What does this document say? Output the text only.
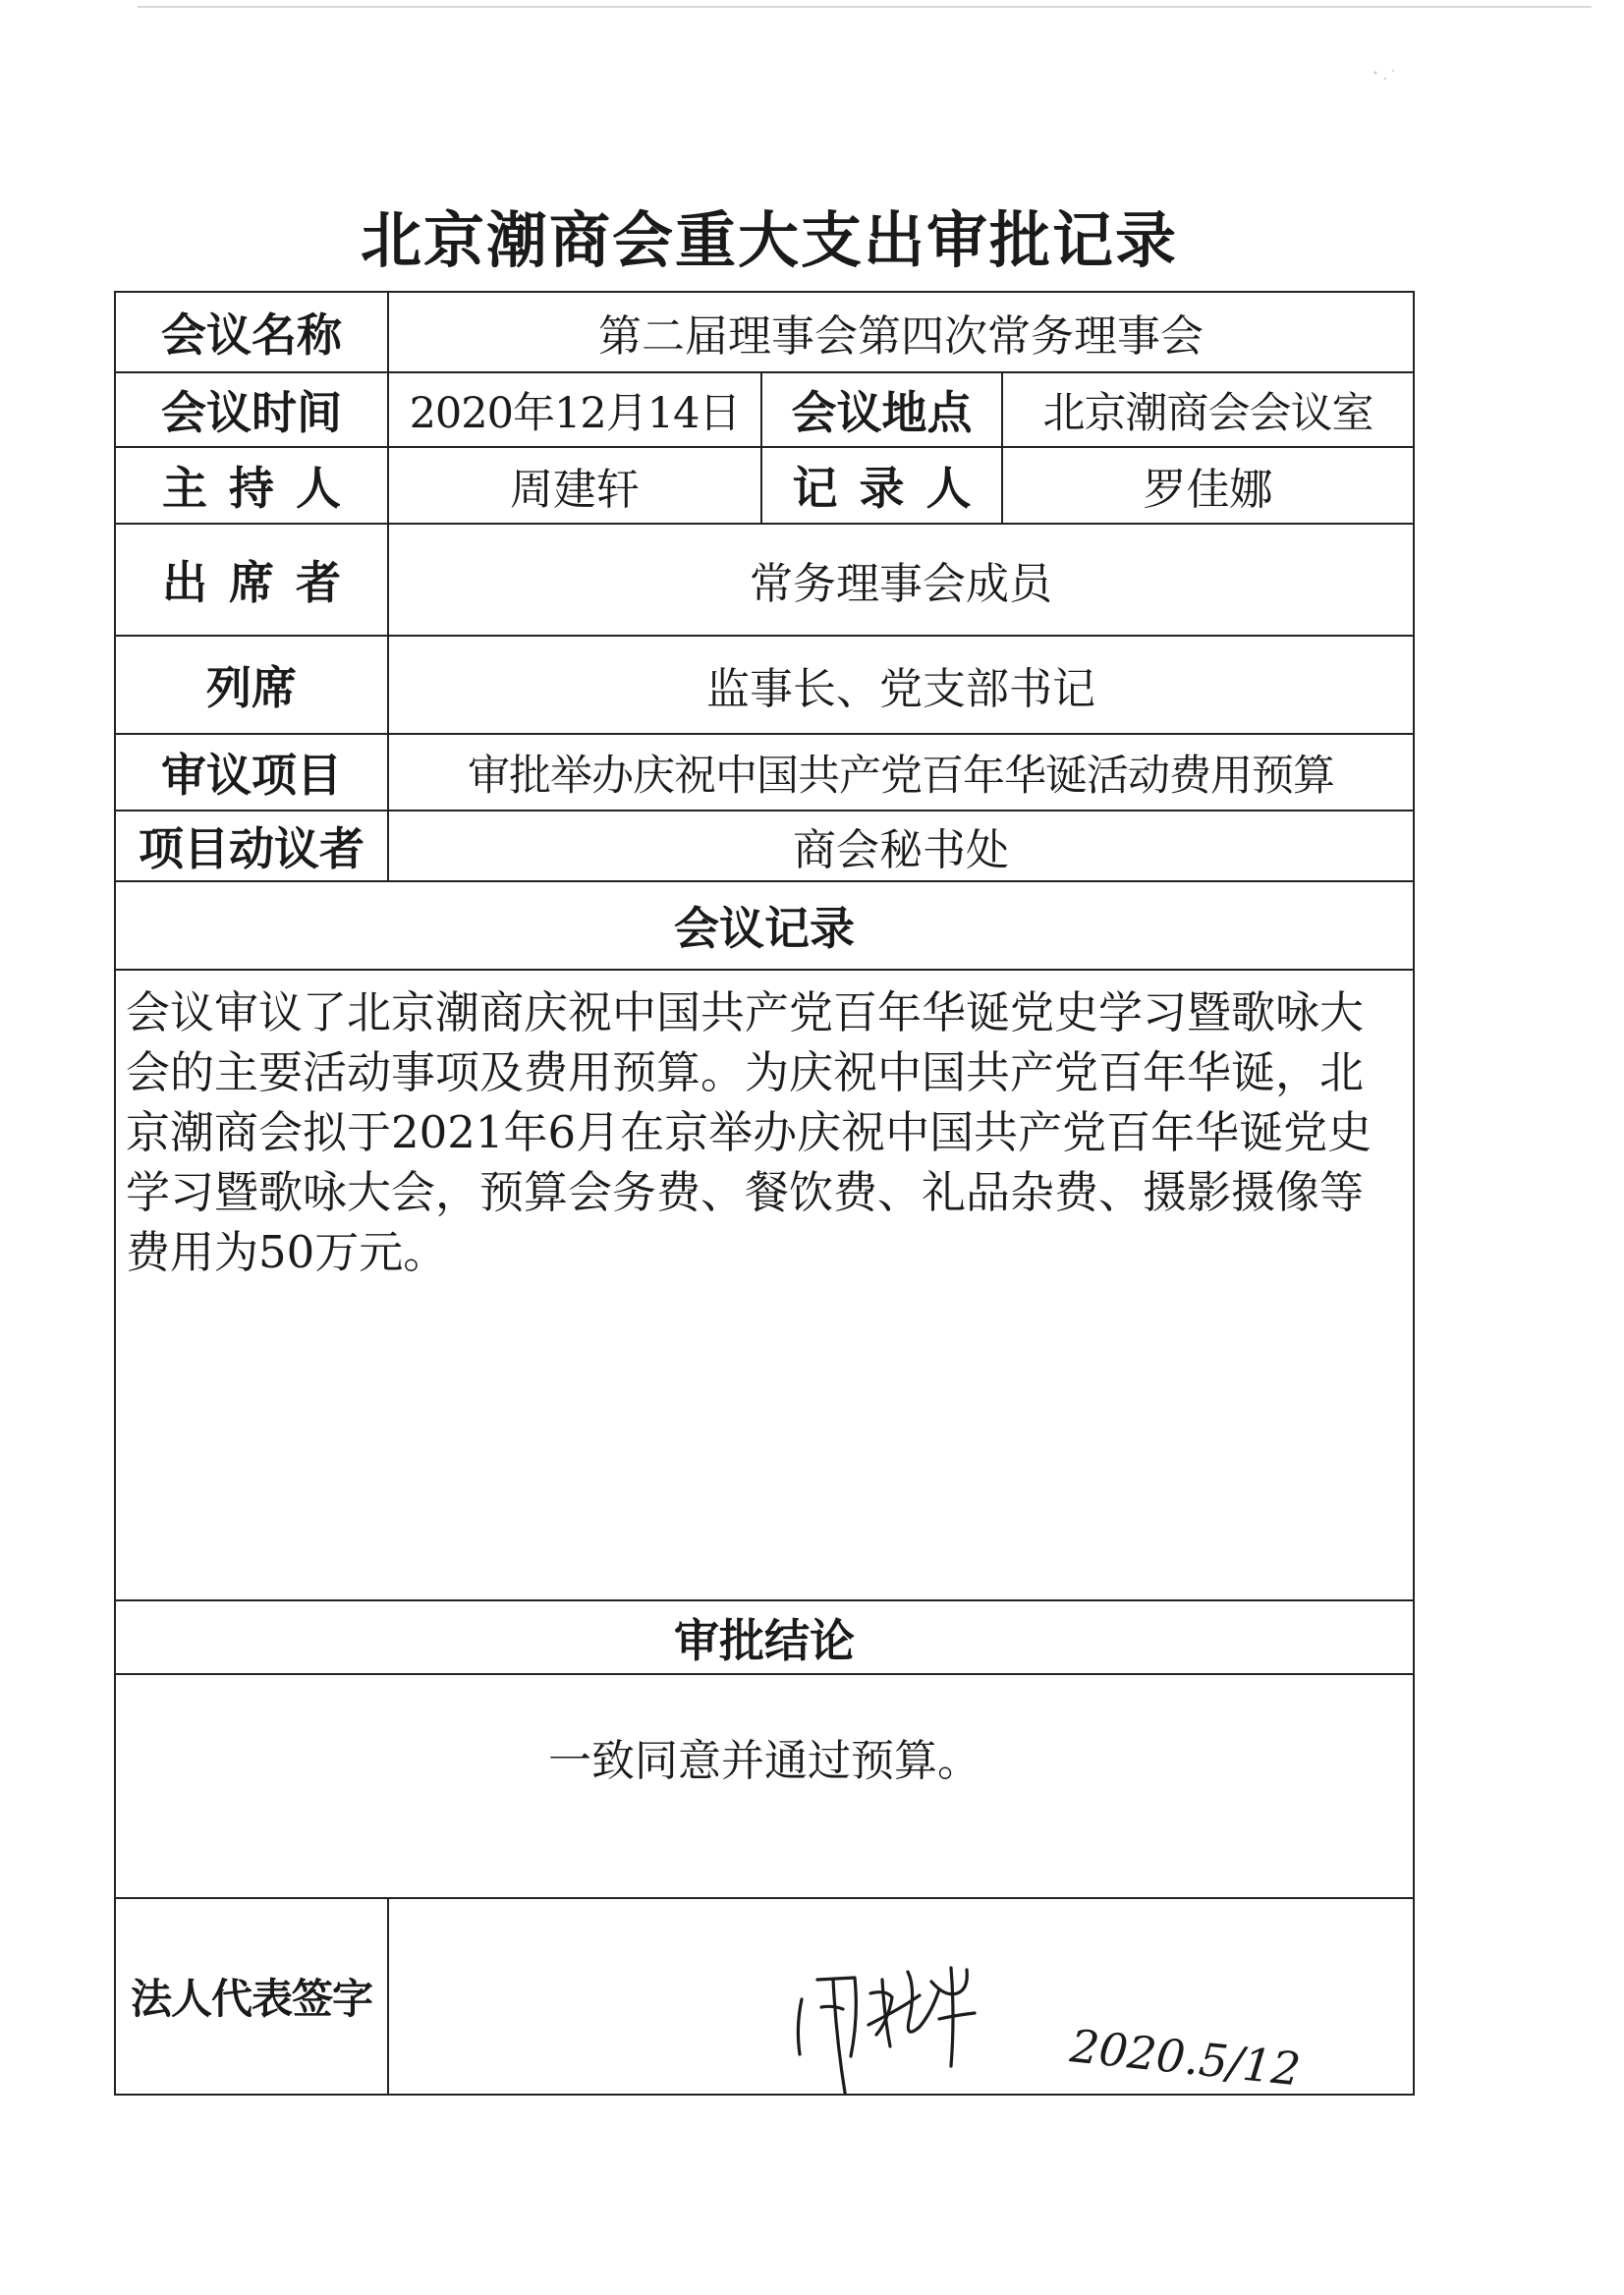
北京潮商会重大支出审批记录
会议名称	第二届理事会第四次常务理事会		
会议时间	2020年12月14日	会议地点	北京潮商会会议室
主持人	周建轩	记录人	罗佳娜
出席者	常务理事会成员		
列席	监事长、党支部书记		
审议项目	审批举办庆祝中国共产党百年华诞活动费用预算		
项目动议者	商会秘书处		
会议记录			
会议审议了北京潮商庆祝中国共产党百年华诞党史学习暨歌咏大会的主要活动事项及费用预算。为庆祝中国共产党百年华诞，北京潮商会拟于2021年6月在京举办庆祝中国共产党百年华诞党史学习暨歌咏大会，预算会务费、餐饮费、礼品杂费、摄影摄像等费用为50万元。			
审批结论			
一致同意并通过预算。			
法人代表签字	2020.5/12		
